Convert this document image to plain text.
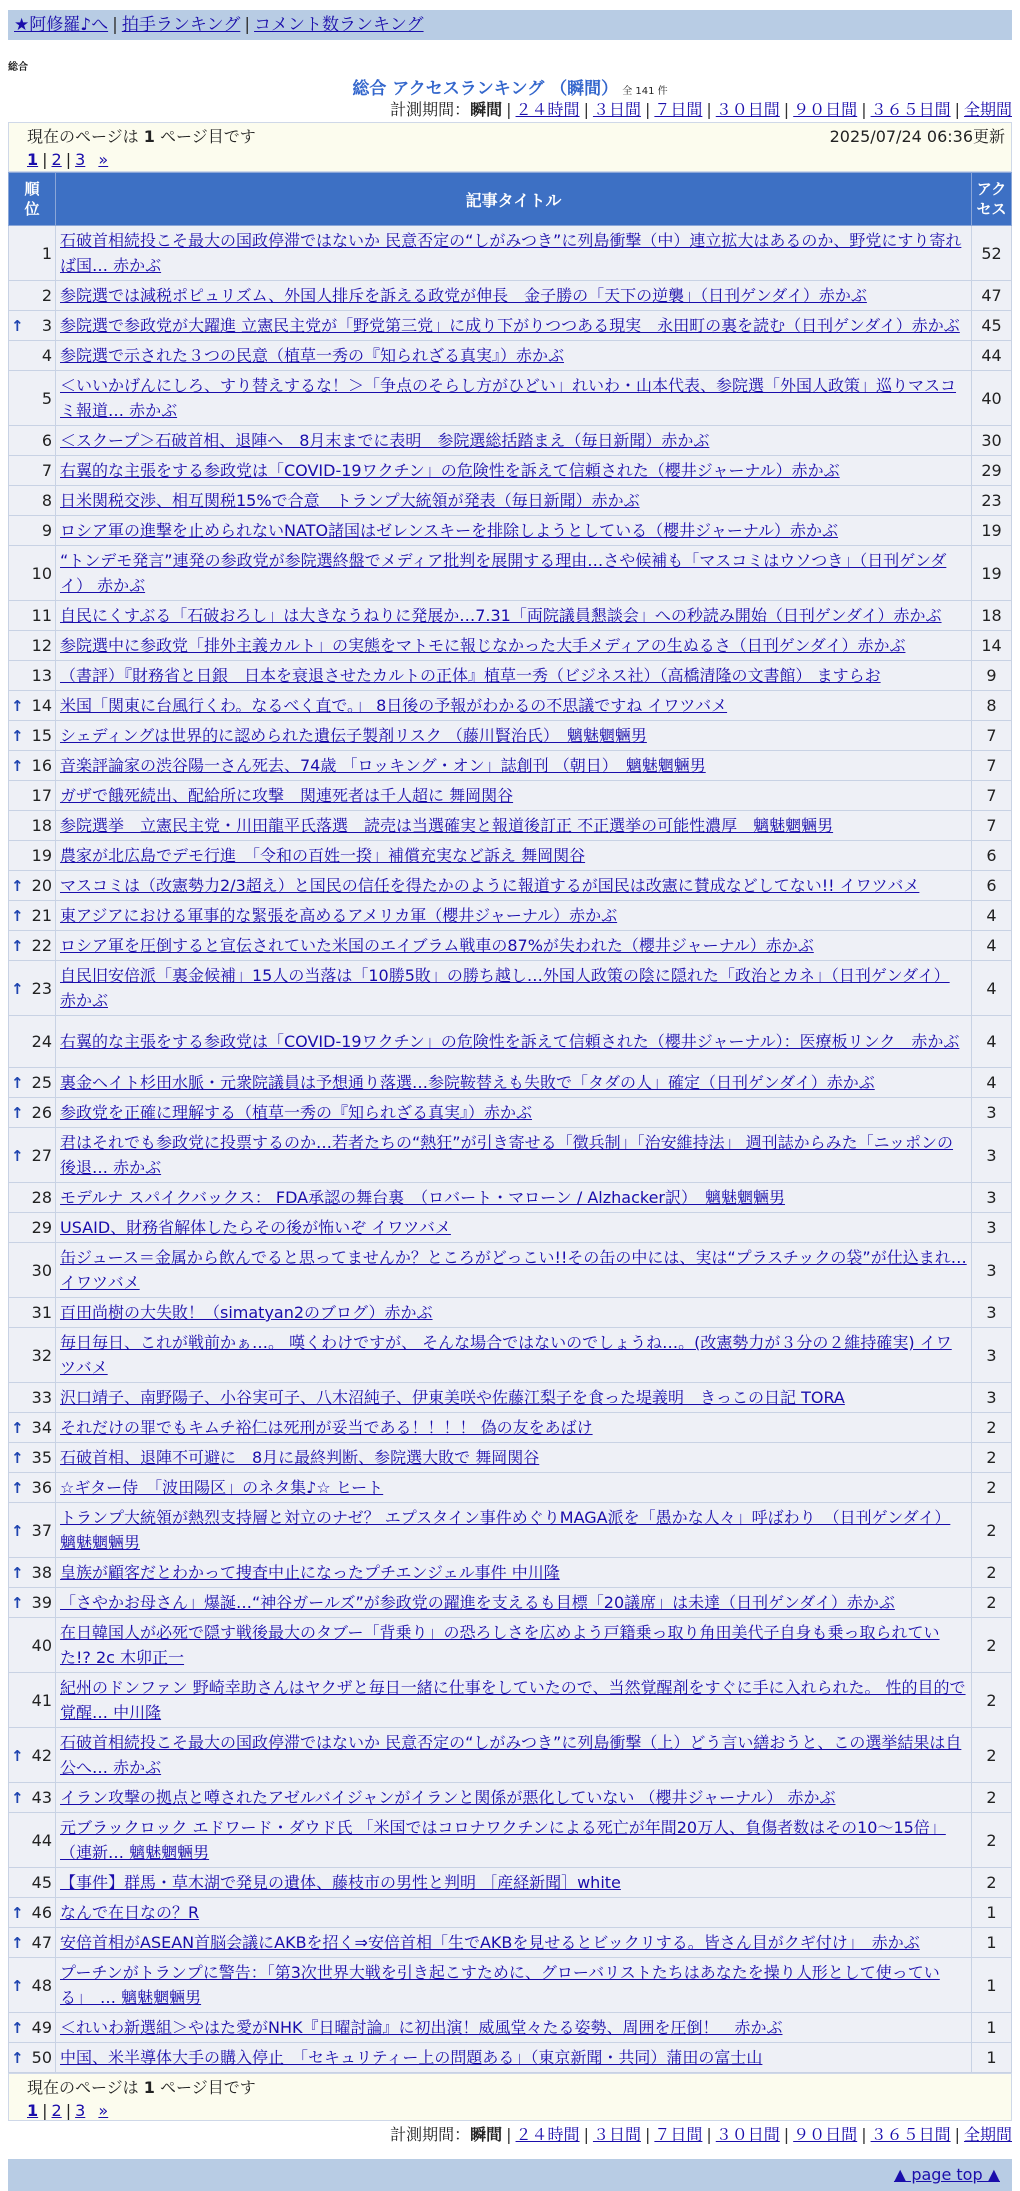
★阿修羅♪へ | 拍手ランキング | コメント数ランキング
総合
総合 アクセスランキング （瞬間） 全 141 件
計測期間：瞬間 | ２４時間 | ３日間 | ７日間 | ３０日間 | ９０日間 | ３６５日間 | 全期間
現在のページは 1 ページ目です	2025/07/24 06:36更新
1 | 2 | 3 »
順位		記事タイトル	アクセス
	1	石破首相続投こそ最大の国政停滞ではないか 民意否定の“しがみつき”に列島衝撃（中）連立拡大はあるのか、野党にすり寄れば国… 赤かぶ	52
	2	参院選では減税ポピュリズム、外国人排斥を訴える政党が伸長　金子勝の「天下の逆襲」（日刊ゲンダイ）赤かぶ	47
↑	3	参院選で参政党が大躍進 立憲民主党が「野党第三党」に成り下がりつつある現実　永田町の裏を読む（日刊ゲンダイ）赤かぶ	45
	4	参院選で示された３つの民意（植草一秀の『知られざる真実』）赤かぶ	44
	5	＜いいかげんにしろ、すり替えするな！＞「争点のそらし方がひどい」れいわ・山本代表、参院選「外国人政策」巡りマスコミ報道… 赤かぶ	40
	6	＜スクープ＞石破首相、退陣へ　8月末までに表明　参院選総括踏まえ（毎日新聞）赤かぶ	30
	7	右翼的な主張をする参政党は「COVID-19ワクチン」の危険性を訴えて信頼された（櫻井ジャーナル）赤かぶ	29
	8	日米関税交渉、相互関税15%で合意　トランプ大統領が発表（毎日新聞）赤かぶ	23
	9	ロシア軍の進撃を止められないNATO諸国はゼレンスキーを排除しようとしている（櫻井ジャーナル）赤かぶ	19
	10	“トンデモ発言”連発の参政党が参院選終盤でメディア批判を展開する理由…さや候補も「マスコミはウソつき」（日刊ゲンダイ） 赤かぶ	19
	11	自民にくすぶる「石破おろし」は大きなうねりに発展か…7.31「両院議員懇談会」への秒読み開始（日刊ゲンダイ）赤かぶ	18
	12	参院選中に参政党「排外主義カルト」の実態をマトモに報じなかった大手メディアの生ぬるさ（日刊ゲンダイ）赤かぶ	14
	13	（書評）『財務省と日銀　日本を衰退させたカルトの正体』植草一秀（ビジネス社）（高橋清隆の文書館） ますらお	9
↑	14	米国「関東に台風行くわ。なるべく直で。」 8日後の予報がわかるの不思議ですね イワツバメ	8
↑	15	シェディングは世界的に認められた遺伝子製剤リスク （藤川賢治氏）　魑魅魍魎男	7
↑	16	音楽評論家の渋谷陽一さん死去、74歳 「ロッキング・オン」誌創刊 （朝日）　魑魅魍魎男	7
	17	ガザで餓死続出、配給所に攻撃　関連死者は千人超に 舞岡関谷	7
	18	参院選挙　立憲民主党・川田龍平氏落選　読売は当選確実と報道後訂正 不正選挙の可能性濃厚　魑魅魍魎男	7
	19	農家が北広島でデモ行進　「令和の百姓一揆」補償充実など訴え 舞岡関谷	6
↑	20	マスコミは（改憲勢力2/3超え）と国民の信任を得たかのように報道するが国民は改憲に賛成などしてない!! イワツバメ	6
↑	21	東アジアにおける軍事的な緊張を高めるアメリカ軍（櫻井ジャーナル）赤かぶ	4
↑	22	ロシア軍を圧倒すると宣伝されていた米国のエイブラム戦車の87%が失われた（櫻井ジャーナル）赤かぶ	4
↑	23	自民旧安倍派「裏金候補」15人の当落は「10勝5敗」の勝ち越し…外国人政策の陰に隠れた「政治とカネ」（日刊ゲンダイ） 赤かぶ	4
	24	右翼的な主張をする参政党は「COVID-19ワクチン」の危険性を訴えて信頼された（櫻井ジャーナル）：医療板リンク　赤かぶ	4
↑	25	裏金ヘイト杉田水脈・元衆院議員は予想通り落選…参院鞍替えも失敗で「タダの人」確定（日刊ゲンダイ）赤かぶ	4
↑	26	参政党を正確に理解する（植草一秀の『知られざる真実』）赤かぶ	3
↑	27	君はそれでも参政党に投票するのか…若者たちの“熱狂”が引き寄せる「徴兵制」「治安維持法」 週刊誌からみた「ニッポンの後退… 赤かぶ	3
	28	モデルナ スパイクバックス： FDA承認の舞台裏　（ロバート・マローン / Alzhacker訳）　魑魅魍魎男	3
	29	USAID、財務省解体したらその後が怖いぞ イワツバメ	3
	30	缶ジュース＝金属から飲んでると思ってませんか？ところがどっこい!!その缶の中には、実は“プラスチックの袋”が仕込まれ… イワツバメ	3
	31	百田尚樹の大失敗！（simatyan2のブログ）赤かぶ	3
	32	毎日毎日、これが戦前かぁ…。 嘆くわけですが、 そんな場合ではないのでしょうね…。(改憲勢力が３分の２維持確実) イワツバメ	3
	33	沢口靖子、南野陽子、小谷実可子、八木沼純子、伊東美咲や佐藤江梨子を食った堤義明　きっこの日記 TORA	3
↑	34	それだけの罪でもキムチ裕仁は死刑が妥当である！！！！ 偽の友をあばけ	2
↑	35	石破首相、退陣不可避に　8月に最終判断、参院選大敗で 舞岡関谷	2
↑	36	☆ギター侍　「波田陽区」のネタ集♪☆ ヒート	2
↑	37	トランプ大統領が熱烈支持層と対立のナゼ？ エプスタイン事件めぐりMAGA派を「愚かな人々」呼ばわり　（日刊ゲンダイ） 魑魅魍魎男	2
↑	38	皇族が顧客だとわかって捜査中止になったプチエンジェル事件 中川隆	2
↑	39	「さやかお母さん」爆誕…“神谷ガールズ”が参政党の躍進を支えるも目標「20議席」は未達（日刊ゲンダイ）赤かぶ	2
	40	在日韓国人が必死で隠す戦後最大のタブー「背乗り」の恐ろしさを広めよう戸籍乗っ取り角田美代子自身も乗っ取られていた!? 2c 木卯正一	2
	41	紀州のドンファン 野崎幸助さんはヤクザと毎日一緒に仕事をしていたので、当然覚醒剤をすぐに手に入れられた。 性的目的で覚醒… 中川隆	2
↑	42	石破首相続投こそ最大の国政停滞ではないか 民意否定の“しがみつき”に列島衝撃（上）どう言い繕おうと、この選挙結果は自公へ… 赤かぶ	2
↑	43	イラン攻撃の拠点と噂されたアゼルバイジャンがイランと関係が悪化していない （櫻井ジャーナル） 赤かぶ	2
	44	元ブラックロック エドワード・ダウド氏 「米国ではコロナワクチンによる死亡が年間20万人、負傷者数はその10～15倍」（連新… 魑魅魍魎男	2
	45	【事件】群馬・草木湖で発見の遺体、藤枝市の男性と判明 ［産経新聞］white	2
↑	46	なんで在日なの？R	1
↑	47	安倍首相がASEAN首脳会議にAKBを招く⇒安倍首相「生でAKBを見せるとビックリする。皆さん目がクギ付け」　赤かぶ	1
↑	48	プーチンがトランプに警告：「第3次世界大戦を引き起こすために、グローバリストたちはあなたを操り人形として使っている」　… 魑魅魍魎男	1
↑	49	＜れいわ新選組＞やはた愛がNHK『日曜討論』に初出演！威風堂々たる姿勢、周囲を圧倒！　赤かぶ	1
↑	50	中国、米半導体大手の購入停止　「セキュリティー上の問題ある」（東京新聞・共同）蒲田の富士山	1
現在のページは 1 ページ目です
1 | 2 | 3 »
計測期間：瞬間 | ２４時間 | ３日間 | ７日間 | ３０日間 | ９０日間 | ３６５日間 | 全期間
▲ page top ▲
